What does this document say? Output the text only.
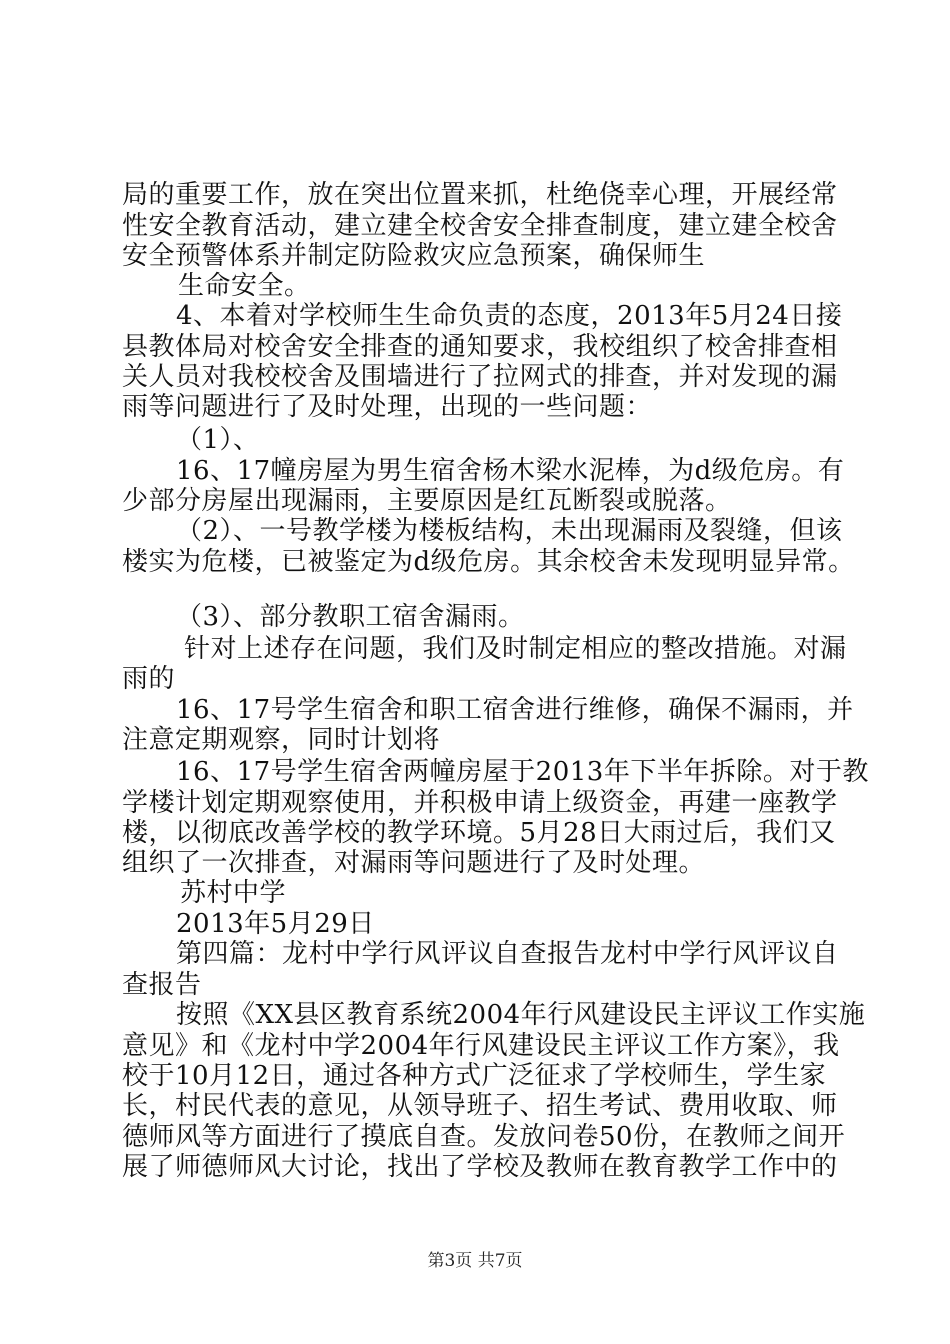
局的重要工作，放在突出位置来抓，杜绝侥幸心理，开展经常
性安全教育活动，建立建全校舍安全排查制度，建立建全校舍
安全预警体系并制定防险救灾应急预案，确保师生
生命安全。
4、本着对学校师生生命负责的态度，2013年5月24日接
县教体局对校舍安全排查的通知要求，我校组织了校舍排查相
关人员对我校校舍及围墙进行了拉网式的排查，并对发现的漏
雨等问题进行了及时处理，出现的一些问题：
（1）、
16、17幢房屋为男生宿舍杨木梁水泥棒，为d级危房。有
少部分房屋出现漏雨，主要原因是红瓦断裂或脱落。
（2）、一号教学楼为楼板结构，未出现漏雨及裂缝，但该
楼实为危楼，已被鉴定为d级危房。其余校舍未发现明显异常。
（3）、部分教职工宿舍漏雨。
针对上述存在问题，我们及时制定相应的整改措施。对漏
雨的
16、17号学生宿舍和职工宿舍进行维修，确保不漏雨，并
注意定期观察，同时计划将
16、17号学生宿舍两幢房屋于2013年下半年拆除。对于教
学楼计划定期观察使用，并积极申请上级资金，再建一座教学
楼，以彻底改善学校的教学环境。5月28日大雨过后，我们又
组织了一次排查，对漏雨等问题进行了及时处理。
苏村中学
2013年5月29日
第四篇：龙村中学行风评议自查报告龙村中学行风评议自
查报告
按照《XX县区教育系统2004年行风建设民主评议工作实施
意见》和《龙村中学2004年行风建设民主评议工作方案》，我
校于10月12日，通过各种方式广泛征求了学校师生，学生家
长，村民代表的意见，从领导班子、招生考试、费用收取、师
德师风等方面进行了摸底自查。发放问卷50份，在教师之间开
展了师德师风大讨论，找出了学校及教师在教育教学工作中的
第3页 共7页
